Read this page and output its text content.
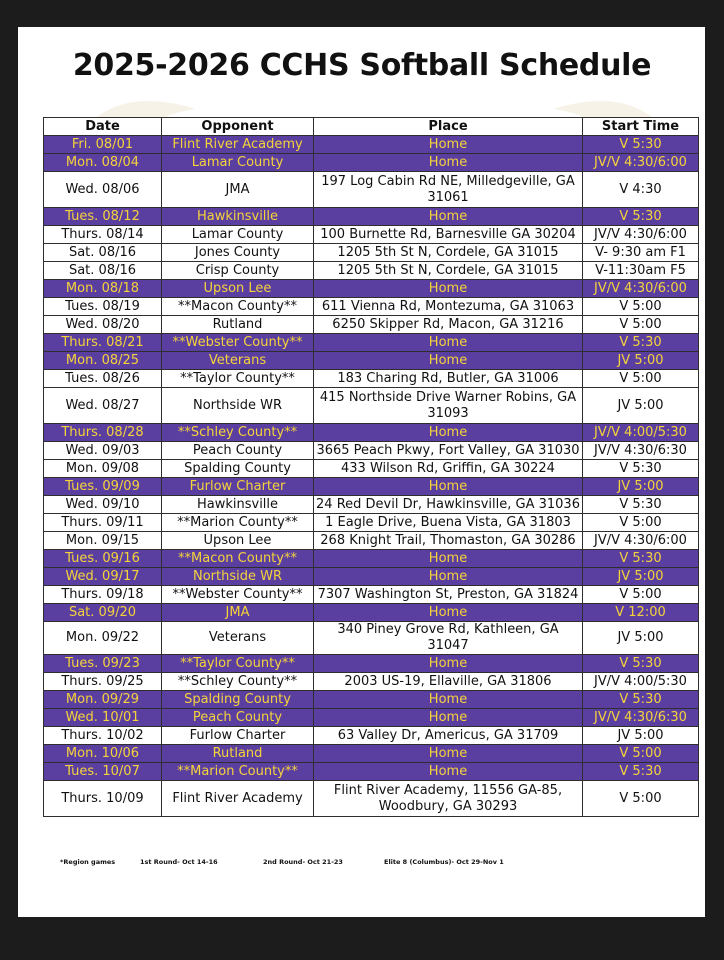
2025-2026 CCHS Softball Schedule
Date	Opponent	Place	Start Time
Fri. 08/01	Flint River Academy	Home	V 5:30
Mon. 08/04	Lamar County	Home	JV/V 4:30/6:00
Wed. 08/06	JMA	197 Log Cabin Rd NE, Milledgeville, GA 31061	V 4:30
Tues. 08/12	Hawkinsville	Home	V 5:30
Thurs. 08/14	Lamar County	100 Burnette Rd, Barnesville GA 30204	JV/V 4:30/6:00
Sat. 08/16	Jones County	1205 5th St N, Cordele, GA 31015	V- 9:30 am F1
Sat. 08/16	Crisp County	1205 5th St N, Cordele, GA 31015	V-11:30am F5
Mon. 08/18	Upson Lee	Home	JV/V 4:30/6:00
Tues. 08/19	**Macon County**	611 Vienna Rd, Montezuma, GA 31063	V 5:00
Wed. 08/20	Rutland	6250 Skipper Rd, Macon, GA 31216	V 5:00
Thurs. 08/21	**Webster County**	Home	V 5:30
Mon. 08/25	Veterans	Home	JV 5:00
Tues. 08/26	**Taylor County**	183 Charing Rd, Butler, GA 31006	V 5:00
Wed. 08/27	Northside WR	415 Northside Drive Warner Robins, GA 31093	JV 5:00
Thurs. 08/28	**Schley County**	Home	JV/V 4:00/5:30
Wed. 09/03	Peach County	3665 Peach Pkwy, Fort Valley, GA 31030	JV/V 4:30/6:30
Mon. 09/08	Spalding County	433 Wilson Rd, Griffin, GA 30224	V 5:30
Tues. 09/09	Furlow Charter	Home	JV 5:00
Wed. 09/10	Hawkinsville	24 Red Devil Dr, Hawkinsville, GA 31036	V 5:30
Thurs. 09/11	**Marion County**	1 Eagle Drive, Buena Vista, GA 31803	V 5:00
Mon. 09/15	Upson Lee	268 Knight Trail, Thomaston, GA 30286	JV/V 4:30/6:00
Tues. 09/16	**Macon County**	Home	V 5:30
Wed. 09/17	Northside WR	Home	JV 5:00
Thurs. 09/18	**Webster County**	7307 Washington St, Preston, GA 31824	V 5:00
Sat. 09/20	JMA	Home	V 12:00
Mon. 09/22	Veterans	340 Piney Grove Rd, Kathleen, GA 31047	JV 5:00
Tues. 09/23	**Taylor County**	Home	V 5:30
Thurs. 09/25	**Schley County**	2003 US-19, Ellaville, GA 31806	JV/V 4:00/5:30
Mon. 09/29	Spalding County	Home	V 5:30
Wed. 10/01	Peach County	Home	JV/V 4:30/6:30
Thurs. 10/02	Furlow Charter	63 Valley Dr, Americus, GA 31709	JV 5:00
Mon. 10/06	Rutland	Home	V 5:00
Tues. 10/07	**Marion County**	Home	V 5:30
Thurs. 10/09	Flint River Academy	Flint River Academy, 11556 GA-85, Woodbury, GA 30293	V 5:00
*Region games	1st Round- Oct 14-16	2nd Round- Oct 21-23	Elite 8 (Columbus)- Oct 29-Nov 1
